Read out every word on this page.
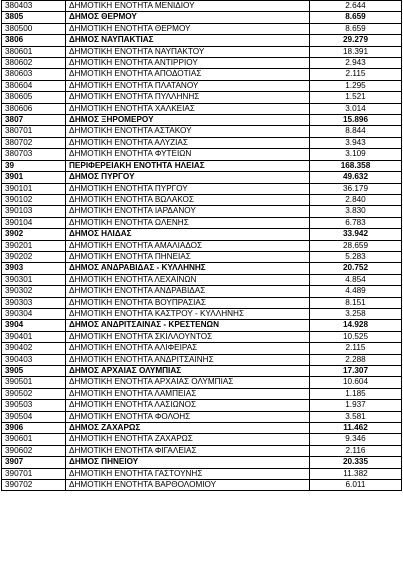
380403	ΔΗΜΟΤΙΚΗ ΕΝΟΤΗΤΑ ΜΕΝΙΔΙΟΥ	2.644
3805	ΔΗΜΟΣ ΘΕΡΜΟΥ	8.659
380500	ΔΗΜΟΤΙΚΗ ΕΝΟΤΗΤΑ ΘΕΡΜΟΥ	8.659
3806	ΔΗΜΟΣ ΝΑΥΠΑΚΤΙΑΣ	29.279
380601	ΔΗΜΟΤΙΚΗ ΕΝΟΤΗΤΑ ΝΑΥΠΑΚΤΟΥ	18.391
380602	ΔΗΜΟΤΙΚΗ ΕΝΟΤΗΤΑ ΑΝΤΙΡΡΙΟΥ	2.943
380603	ΔΗΜΟΤΙΚΗ ΕΝΟΤΗΤΑ ΑΠΟΔΟΤΙΑΣ	2.115
380604	ΔΗΜΟΤΙΚΗ ΕΝΟΤΗΤΑ ΠΛΑΤΑΝΟΥ	1.295
380605	ΔΗΜΟΤΙΚΗ ΕΝΟΤΗΤΑ ΠΥΛΛΗΝΗΣ	1.521
380606	ΔΗΜΟΤΙΚΗ ΕΝΟΤΗΤΑ ΧΑΛΚΕΙΑΣ	3.014
3807	ΔΗΜΟΣ ΞΗΡΟΜΕΡΟΥ	15.896
380701	ΔΗΜΟΤΙΚΗ ΕΝΟΤΗΤΑ ΑΣΤΑΚΟΥ	8.844
380702	ΔΗΜΟΤΙΚΗ ΕΝΟΤΗΤΑ ΑΛΥΖΙΑΣ	3.943
380703	ΔΗΜΟΤΙΚΗ ΕΝΟΤΗΤΑ ΦΥΤΕΙΩΝ	3.109
39	ΠΕΡΙΦΕΡΕΙΑΚΗ ΕΝΟΤΗΤΑ ΗΛΕΙΑΣ	168.358
3901	ΔΗΜΟΣ ΠΥΡΓΟΥ	49.632
390101	ΔΗΜΟΤΙΚΗ ΕΝΟΤΗΤΑ ΠΥΡΓΟΥ	36.179
390102	ΔΗΜΟΤΙΚΗ ΕΝΟΤΗΤΑ ΒΩΛΑΚΟΣ	2.840
390103	ΔΗΜΟΤΙΚΗ ΕΝΟΤΗΤΑ ΙΑΡΔΑΝΟΥ	3.830
390104	ΔΗΜΟΤΙΚΗ ΕΝΟΤΗΤΑ ΩΛΕΝΗΣ	6.783
3902	ΔΗΜΟΣ ΗΛΙΔΑΣ	33.942
390201	ΔΗΜΟΤΙΚΗ ΕΝΟΤΗΤΑ ΑΜΑΛΙΑΔΟΣ	28.659
390202	ΔΗΜΟΤΙΚΗ ΕΝΟΤΗΤΑ ΠΗΝΕΙΑΣ	5.283
3903	ΔΗΜΟΣ ΑΝΔΡΑΒΙΔΑΣ - ΚΥΛΛΗΝΗΣ	20.752
390301	ΔΗΜΟΤΙΚΗ ΕΝΟΤΗΤΑ ΛΕΧΑΙΝΩΝ	4.854
390302	ΔΗΜΟΤΙΚΗ ΕΝΟΤΗΤΑ ΑΝΔΡΑΒΙΔΑΣ	4.489
390303	ΔΗΜΟΤΙΚΗ ΕΝΟΤΗΤΑ ΒΟΥΠΡΑΣΙΑΣ	8.151
390304	ΔΗΜΟΤΙΚΗ ΕΝΟΤΗΤΑ ΚΑΣΤΡΟΥ - ΚΥΛΛΗΝΗΣ	3.258
3904	ΔΗΜΟΣ ΑΝΔΡΙΤΣΑΙΝΑΣ - ΚΡΕΣΤΕΝΩΝ	14.928
390401	ΔΗΜΟΤΙΚΗ ΕΝΟΤΗΤΑ ΣΚΙΛΛΟΥΝΤΟΣ	10.525
390402	ΔΗΜΟΤΙΚΗ ΕΝΟΤΗΤΑ ΑΛΙΦΕΙΡΑΣ	2.115
390403	ΔΗΜΟΤΙΚΗ ΕΝΟΤΗΤΑ ΑΝΔΡΙΤΣΑΙΝΗΣ	2.288
3905	ΔΗΜΟΣ ΑΡΧΑΙΑΣ ΟΛΥΜΠΙΑΣ	17.307
390501	ΔΗΜΟΤΙΚΗ ΕΝΟΤΗΤΑ ΑΡΧΑΙΑΣ ΟΛΥΜΠΙΑΣ	10.604
390502	ΔΗΜΟΤΙΚΗ ΕΝΟΤΗΤΑ ΛΑΜΠΕΙΑΣ	1.185
390503	ΔΗΜΟΤΙΚΗ ΕΝΟΤΗΤΑ ΛΑΣΙΩΝΟΣ	1.937
390504	ΔΗΜΟΤΙΚΗ ΕΝΟΤΗΤΑ ΦΟΛΟΗΣ	3.581
3906	ΔΗΜΟΣ ΖΑΧΑΡΩΣ	11.462
390601	ΔΗΜΟΤΙΚΗ ΕΝΟΤΗΤΑ ΖΑΧΑΡΩΣ	9.346
390602	ΔΗΜΟΤΙΚΗ ΕΝΟΤΗΤΑ ΦΙΓΑΛΕΙΑΣ	2.116
3907	ΔΗΜΟΣ ΠΗΝΕΙΟΥ	20.335
390701	ΔΗΜΟΤΙΚΗ ΕΝΟΤΗΤΑ ΓΑΣΤΟΥΝΗΣ	11.382
390702	ΔΗΜΟΤΙΚΗ ΕΝΟΤΗΤΑ ΒΑΡΘΟΛΟΜΙΟΥ	6.011
